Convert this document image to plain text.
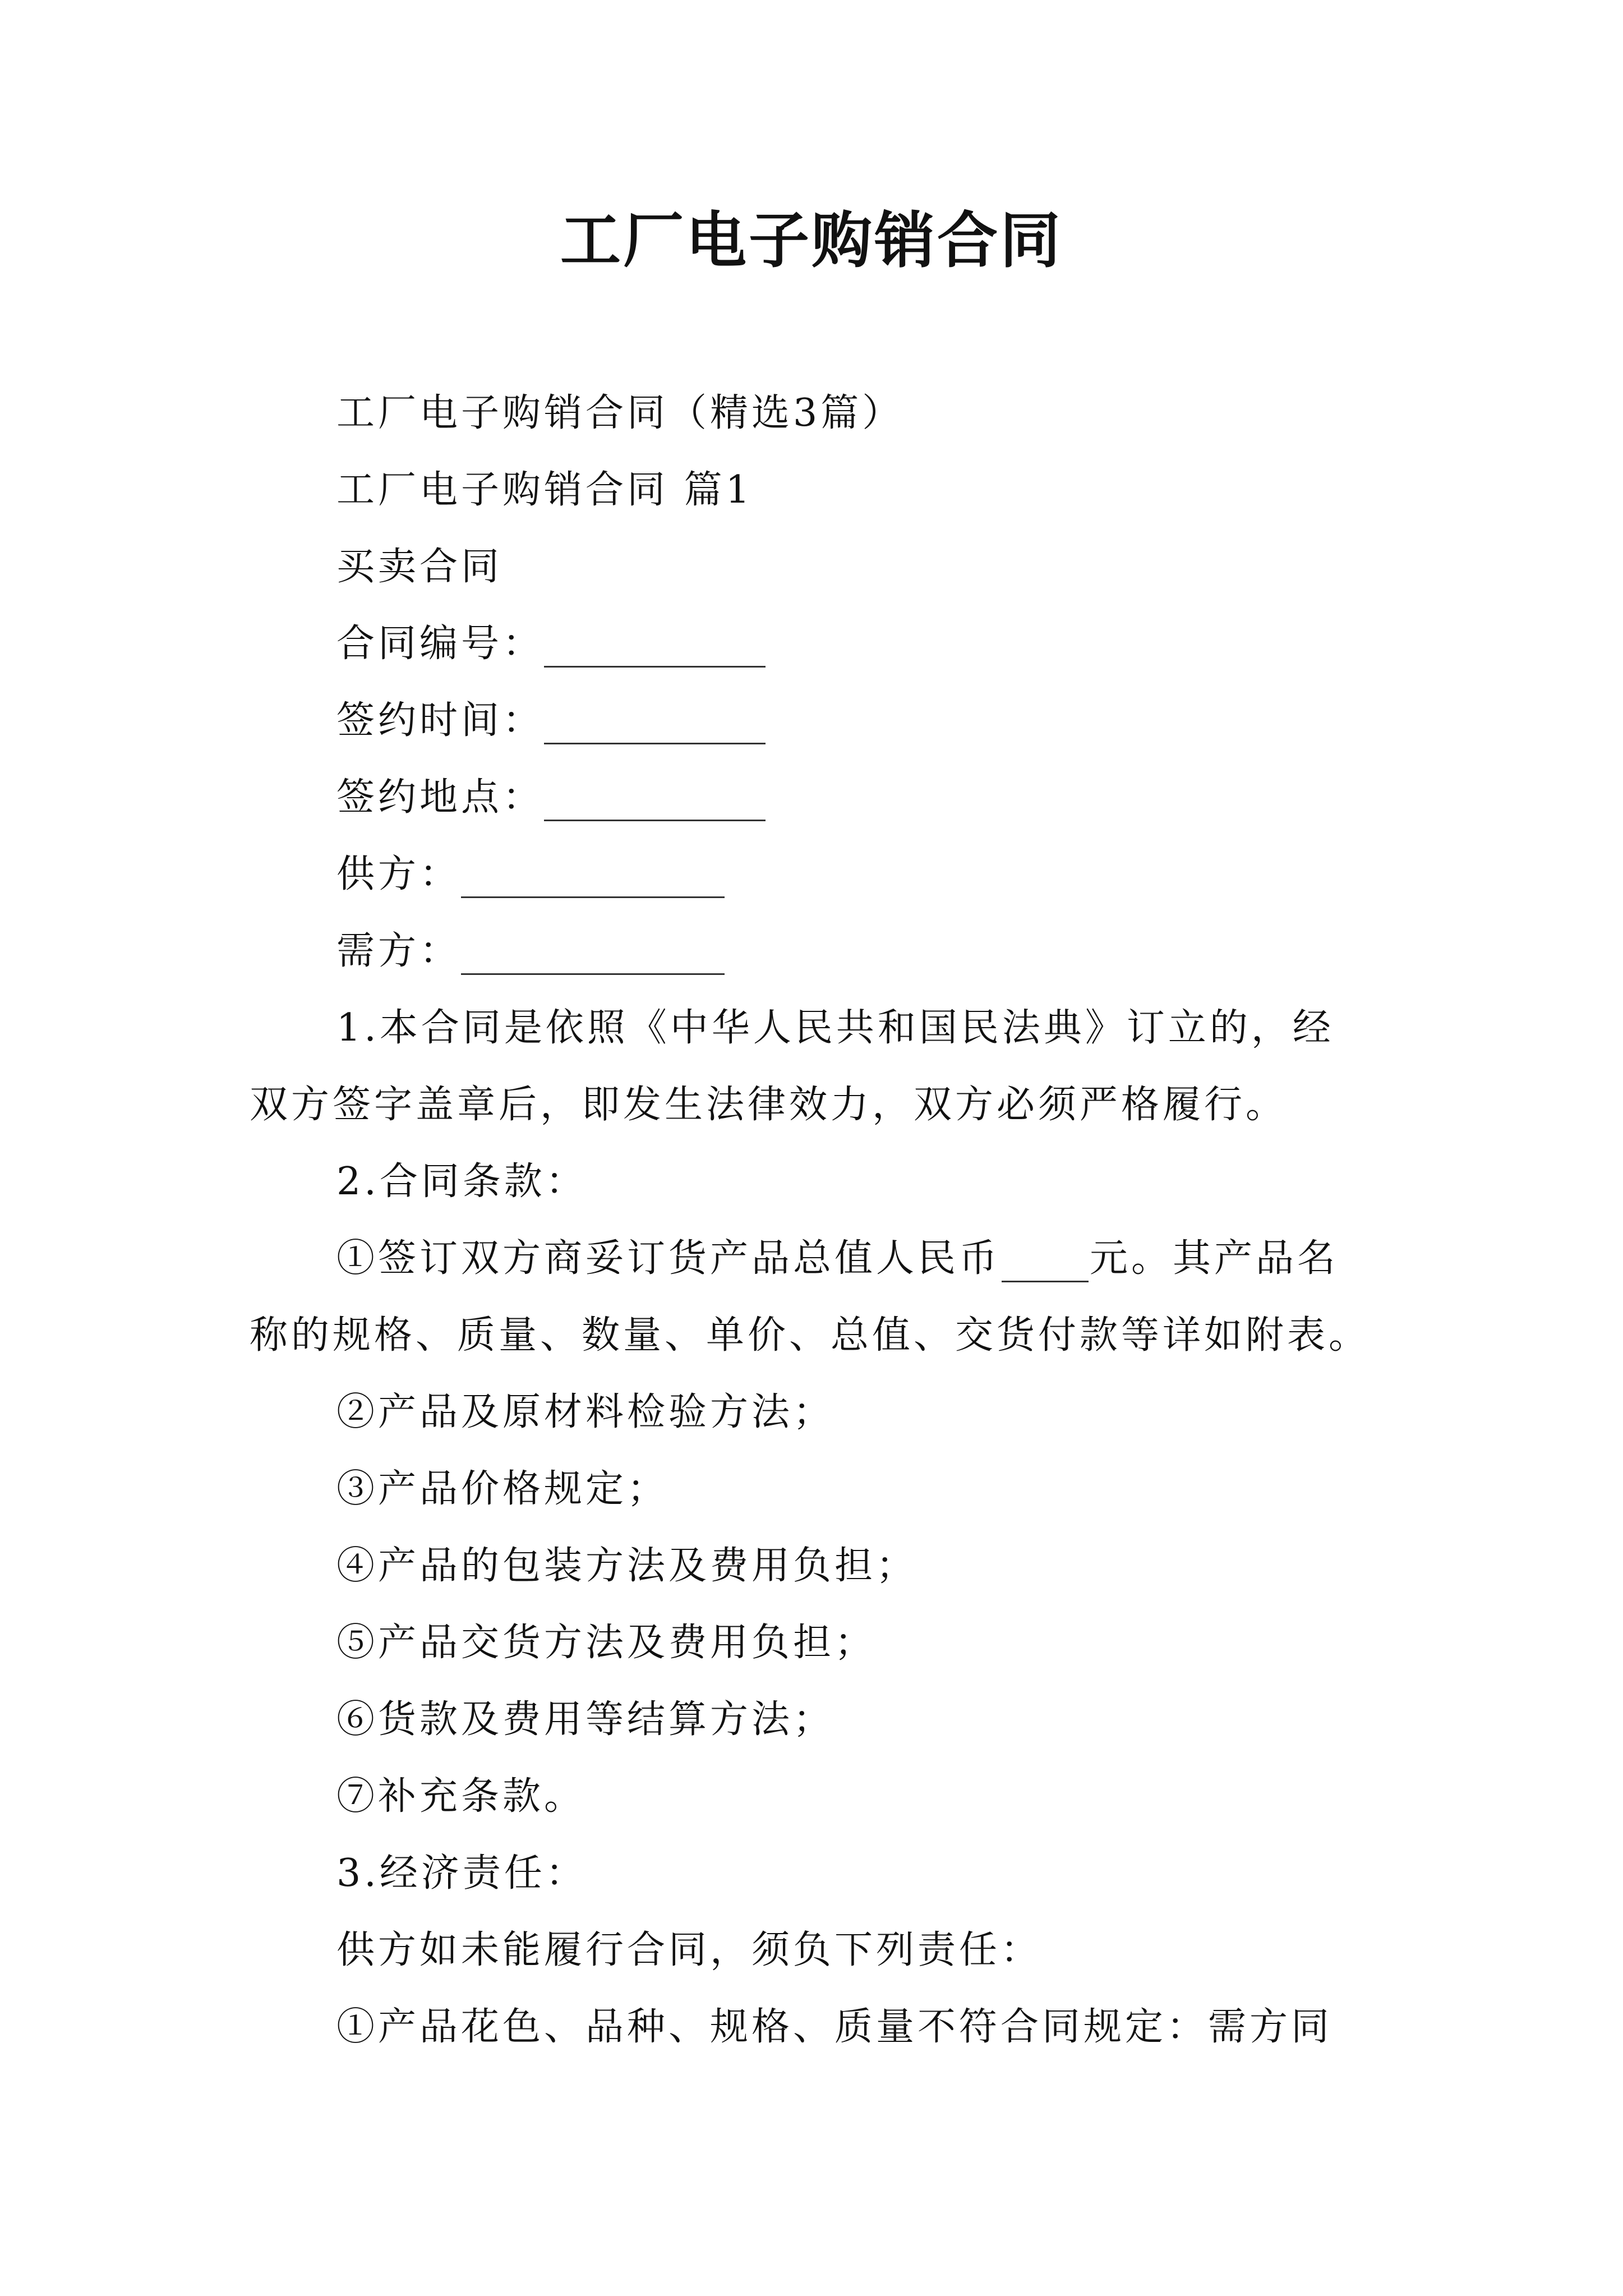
工厂电子购销合同
工厂电子购销合同（精选3篇）
工厂电子购销合同 篇1
买卖合同
合同编号：
签约时间：
签约地点：
供方：
需方：
1.本合同是依照《中华人民共和国民法典》订立的，经
双方签字盖章后，即发生法律效力，双方必须严格履行。
2.合同条款：
①签订双方商妥订货产品总值人民币 元。其产品名
称的规格、质量、数量、单价、总值、交货付款等详如附表。
②产品及原材料检验方法；
③产品价格规定；
④产品的包装方法及费用负担；
⑤产品交货方法及费用负担；
⑥货款及费用等结算方法；
⑦补充条款。
3.经济责任：
供方如未能履行合同，须负下列责任：
①产品花色、品种、规格、质量不符合同规定：需方同
